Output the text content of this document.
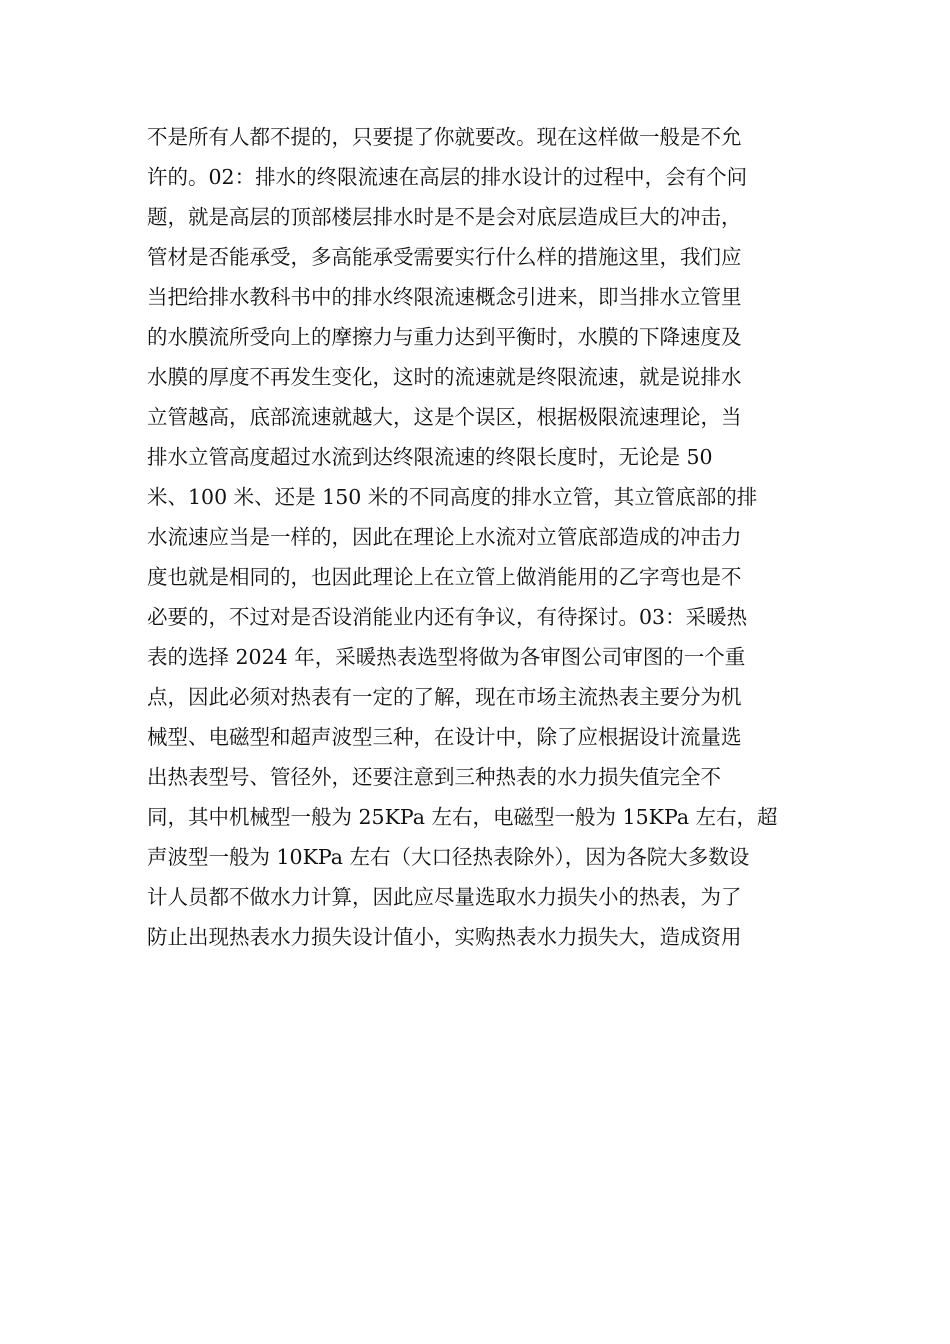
不是所有人都不提的，只要提了你就要改。现在这样做一般是不允
许的。02：排水的终限流速在高层的排水设计的过程中，会有个问
题，就是高层的顶部楼层排水时是不是会对底层造成巨大的冲击，
管材是否能承受，多高能承受需要实行什么样的措施这里，我们应
当把给排水教科书中的排水终限流速概念引进来，即当排水立管里
的水膜流所受向上的摩擦力与重力达到平衡时，水膜的下降速度及
水膜的厚度不再发生变化，这时的流速就是终限流速，就是说排水
立管越高，底部流速就越大，这是个误区，根据极限流速理论，当
排水立管高度超过水流到达终限流速的终限长度时，无论是 50
米、100 米、还是 150 米的不同高度的排水立管，其立管底部的排
水流速应当是一样的，因此在理论上水流对立管底部造成的冲击力
度也就是相同的，也因此理论上在立管上做消能用的乙字弯也是不
必要的，不过对是否设消能业内还有争议，有待探讨。03：采暖热
表的选择 2024 年，采暖热表选型将做为各审图公司审图的一个重
点，因此必须对热表有一定的了解，现在市场主流热表主要分为机
械型、电磁型和超声波型三种，在设计中，除了应根据设计流量选
出热表型号、管径外，还要注意到三种热表的水力损失值完全不
同，其中机械型一般为 25KPa 左右，电磁型一般为 15KPa 左右，超
声波型一般为 10KPa 左右（大口径热表除外），因为各院大多数设
计人员都不做水力计算，因此应尽量选取水力损失小的热表，为了
防止出现热表水力损失设计值小，实购热表水力损失大，造成资用
